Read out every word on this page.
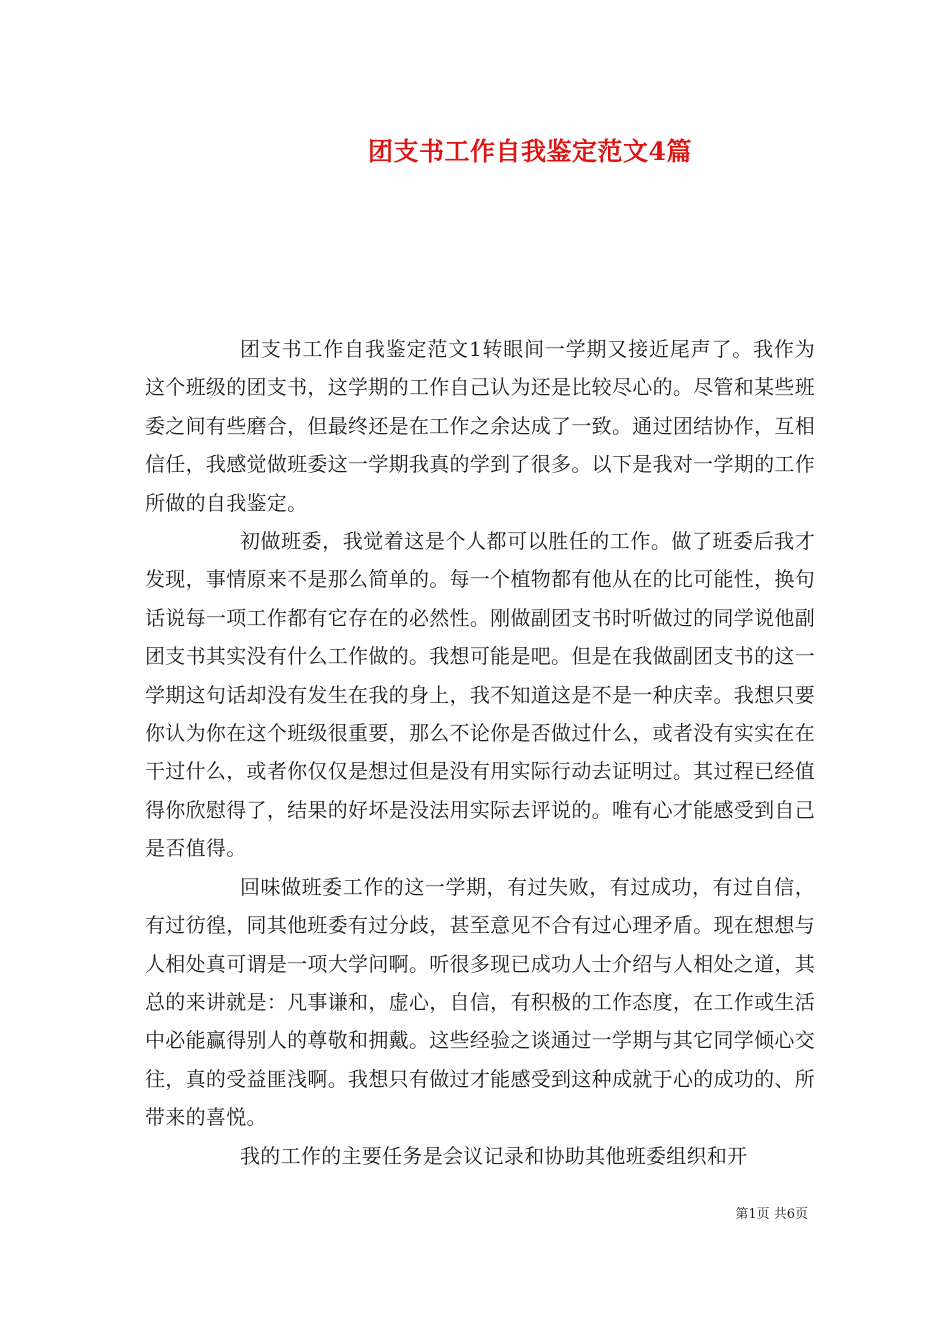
团支书工作自我鉴定范文4篇

团支书工作自我鉴定范文1转眼间一学期又接近尾声了。我作为这个班级的团支书，这学期的工作自己认为还是比较尽心的。尽管和某些班委之间有些磨合，但最终还是在工作之余达成了一致。通过团结协作，互相信任，我感觉做班委这一学期我真的学到了很多。以下是我对一学期的工作所做的自我鉴定。

初做班委，我觉着这是个人都可以胜任的工作。做了班委后我才发现，事情原来不是那么简单的。每一个植物都有他从在的比可能性，换句话说每一项工作都有它存在的必然性。刚做副团支书时听做过的同学说他副团支书其实没有什么工作做的。我想可能是吧。但是在我做副团支书的这一学期这句话却没有发生在我的身上，我不知道这是不是一种庆幸。我想只要你认为你在这个班级很重要，那么不论你是否做过什么，或者没有实实在在干过什么，或者你仅仅是想过但是没有用实际行动去证明过。其过程已经值得你欣慰得了，结果的好坏是没法用实际去评说的。唯有心才能感受到自己是否值得。

回味做班委工作的这一学期，有过失败，有过成功，有过自信，有过彷徨，同其他班委有过分歧，甚至意见不合有过心理矛盾。现在想想与人相处真可谓是一项大学问啊。听很多现已成功人士介绍与人相处之道，其总的来讲就是：凡事谦和，虚心，自信，有积极的工作态度，在工作或生活中必能赢得别人的尊敬和拥戴。这些经验之谈通过一学期与其它同学倾心交往，真的受益匪浅啊。我想只有做过才能感受到这种成就于心的成功的、所带来的喜悦。

我的工作的主要任务是会议记录和协助其他班委组织和开

第1页 共6页
